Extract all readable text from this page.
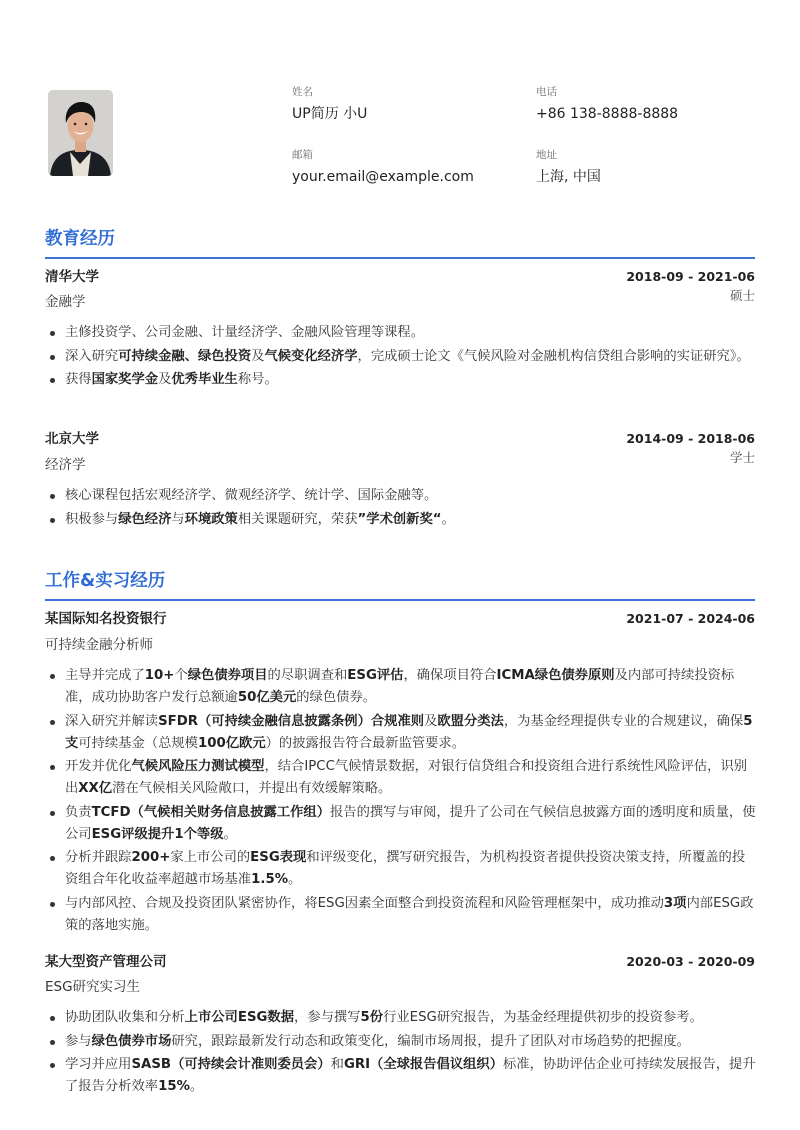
姓名
UP简历 小U
电话
+86 138-8888-8888
邮箱
your.email@example.com
地址
上海, 中国
教育经历
清华大学	2018-09 - 2021-06
金融学	硕士
主修投资学、公司金融、计量经济学、金融风险管理等课程。
深入研究可持续金融、绿色投资及气候变化经济学，完成硕士论文《气候风险对金融机构信贷组合影响的实证研究》。
获得国家奖学金及优秀毕业生称号。
北京大学	2014-09 - 2018-06
经济学	学士
核心课程包括宏观经济学、微观经济学、统计学、国际金融等。
积极参与绿色经济与环境政策相关课题研究，荣获”学术创新奖“。
工作&实习经历
某国际知名投资银行	2021-07 - 2024-06
可持续金融分析师
主导并完成了10+个绿色债券项目的尽职调查和ESG评估，确保项目符合ICMA绿色债券原则及内部可持续投资标准，成功协助客户发行总额逾50亿美元的绿色债券。
深入研究并解读SFDR（可持续金融信息披露条例）合规准则及欧盟分类法，为基金经理提供专业的合规建议，确保5支可持续基金（总规模100亿欧元）的披露报告符合最新监管要求。
开发并优化气候风险压力测试模型，结合IPCC气候情景数据，对银行信贷组合和投资组合进行系统性风险评估，识别出XX亿潜在气候相关风险敞口，并提出有效缓解策略。
负责TCFD（气候相关财务信息披露工作组）报告的撰写与审阅，提升了公司在气候信息披露方面的透明度和质量，使公司ESG评级提升1个等级。
分析并跟踪200+家上市公司的ESG表现和评级变化，撰写研究报告，为机构投资者提供投资决策支持，所覆盖的投资组合年化收益率超越市场基准1.5%。
与内部风控、合规及投资团队紧密协作，将ESG因素全面整合到投资流程和风险管理框架中，成功推动3项内部ESG政策的落地实施。
某大型资产管理公司	2020-03 - 2020-09
ESG研究实习生
协助团队收集和分析上市公司ESG数据，参与撰写5份行业ESG研究报告，为基金经理提供初步的投资参考。
参与绿色债券市场研究，跟踪最新发行动态和政策变化，编制市场周报，提升了团队对市场趋势的把握度。
学习并应用SASB（可持续会计准则委员会）和GRI（全球报告倡议组织）标准，协助评估企业可持续发展报告，提升了报告分析效率15%。
